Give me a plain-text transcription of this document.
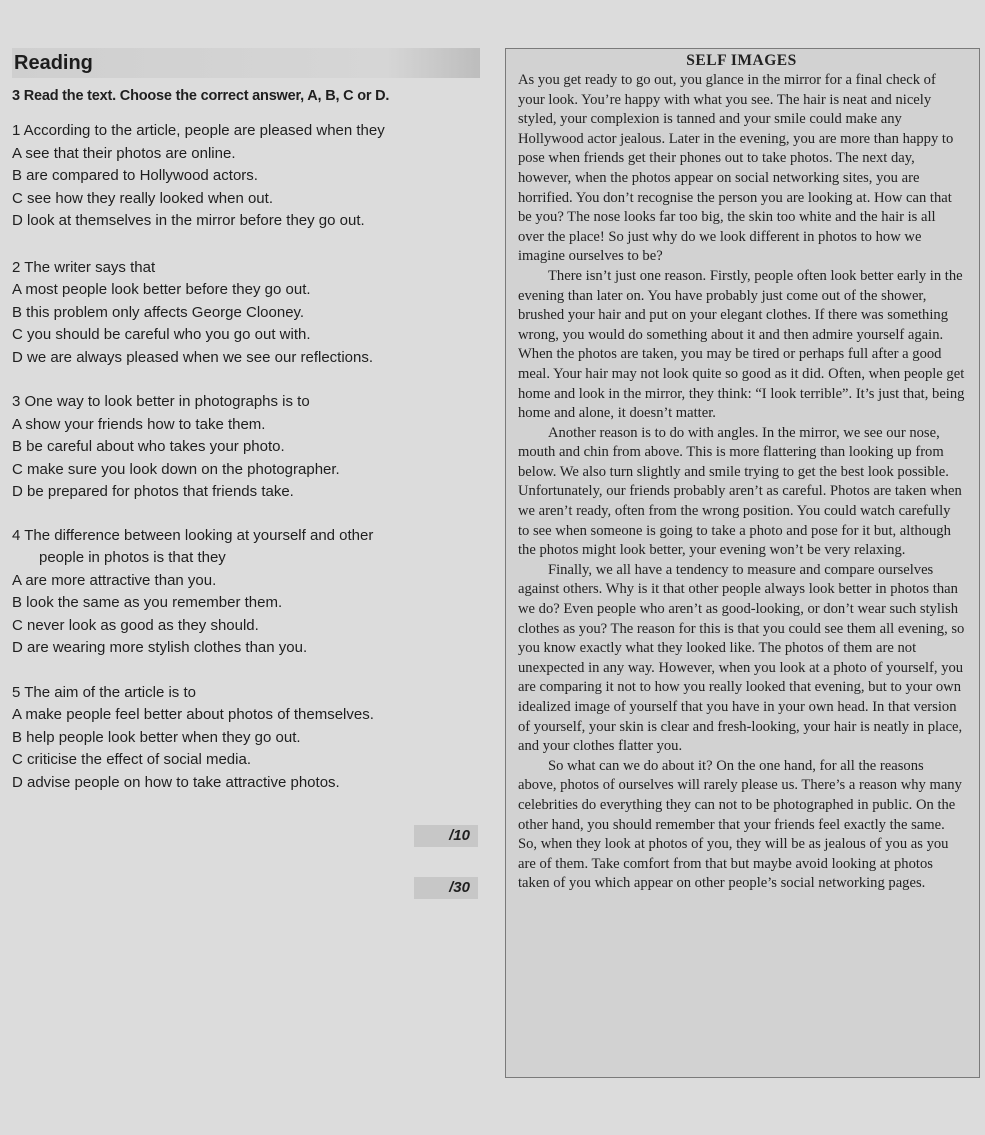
Reading
3 Read the text. Choose the correct answer, A, B, C or D.
1 According to the article, people are pleased when they
A see that their photos are online.
B are compared to Hollywood actors.
C see how they really looked when out.
D look at themselves in the mirror before they go out.
2 The writer says that
A most people look better before they go out.
B this problem only affects George Clooney.
C you should be careful who you go out with.
D we are always pleased when we see our reflections.
3 One way to look better in photographs is to
A show your friends how to take them.
B be careful about who takes your photo.
C make sure you look down on the photographer.
D be prepared for photos that friends take.
4 The difference between looking at yourself and other
people in photos is that they
A are more attractive than you.
B look the same as you remember them.
C never look as good as they should.
D are wearing more stylish clothes than you.
5 The aim of the article is to
A make people feel better about photos of themselves.
B help people look better when they go out.
C criticise the effect of social media.
D advise people on how to take attractive photos.
/10
/30
SELF IMAGES

As you get ready to go out, you glance in the mirror for a final check of your look. You’re happy with what you see. The hair is neat and nicely styled, your complexion is tanned and your smile could make any Hollywood actor jealous. Later in the evening, you are more than happy to pose when friends get their phones out to take photos. The next day, however, when the photos appear on social networking sites, you are horrified. You don’t recognise the person you are looking at. How can that be you? The nose looks far too big, the skin too white and the hair is all over the place! So just why do we look different in photos to how we imagine ourselves to be?

There isn’t just one reason. Firstly, people often look better early in the evening than later on. You have probably just come out of the shower, brushed your hair and put on your elegant clothes. If there was something wrong, you would do something about it and then admire yourself again. When the photos are taken, you may be tired or perhaps full after a good meal. Your hair may not look quite so good as it did. Often, when people get home and look in the mirror, they think: “I look terrible”. It’s just that, being home and alone, it doesn’t matter.

Another reason is to do with angles. In the mirror, we see our nose, mouth and chin from above. This is more flattering than looking up from below. We also turn slightly and smile trying to get the best look possible. Unfortunately, our friends probably aren’t as careful. Photos are taken when we aren’t ready, often from the wrong position. You could watch carefully to see when someone is going to take a photo and pose for it but, although the photos might look better, your evening won’t be very relaxing.

Finally, we all have a tendency to measure and compare ourselves against others. Why is it that other people always look better in photos than we do? Even people who aren’t as good-looking, or don’t wear such stylish clothes as you? The reason for this is that you could see them all evening, so you know exactly what they looked like. The photos of them are not unexpected in any way. However, when you look at a photo of yourself, you are comparing it not to how you really looked that evening, but to your own idealized image of yourself that you have in your own head. In that version of yourself, your skin is clear and fresh-looking, your hair is neatly in place, and your clothes flatter you.

So what can we do about it? On the one hand, for all the reasons above, photos of ourselves will rarely please us. There’s a reason why many celebrities do everything they can not to be photographed in public. On the other hand, you should remember that your friends feel exactly the same. So, when they look at photos of you, they will be as jealous of you as you are of them. Take comfort from that but maybe avoid looking at photos taken of you which appear on other people’s social networking pages.
